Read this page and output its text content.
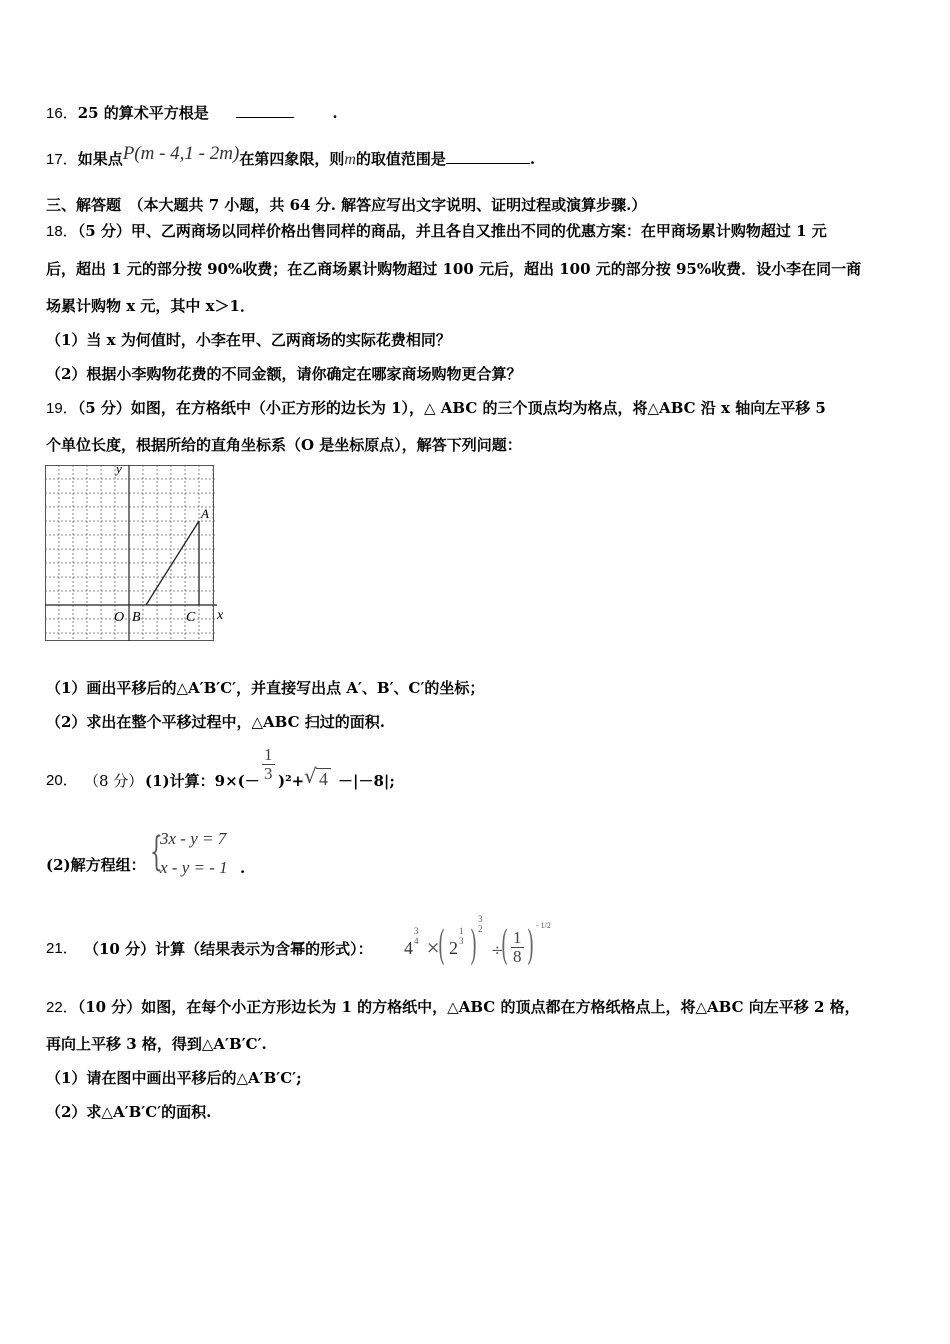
16．25 的算术平方根是	.
17．如果点P(m - 4,1 - 2m)在第四象限，则m的取值范围是	.
三、解答题　（本大题共 7 小题，共 64 分. 解答应写出文字说明、证明过程或演算步骤.）
18．（5 分）甲、乙两商场以同样价格出售同样的商品，并且各自又推出不同的优惠方案：在甲商场累计购物超过 1 元
后，超出 1 元的部分按 90%收费；在乙商场累计购物超过 100 元后，超出 100 元的部分按 95%收费．设小李在同一商
场累计购物 x 元，其中 x＞1．
（1）当 x 为何值时，小李在甲、乙两商场的实际花费相同？
（2）根据小李购物花费的不同金额，请你确定在哪家商场购物更合算？
19．（5 分）如图，在方格纸中（小正方形的边长为 1），△ ABC 的三个顶点均为格点，将△ABC 沿 x 轴向左平移 5
个单位长度，根据所给的直角坐标系（O 是坐标原点），解答下列问题：
y
x
O
A
B	C
（1）画出平移后的△A′B′C′，并直接写出点 A′、B′、C′的坐标；
（2）求出在整个平移过程中，△ABC 扫过的面积.
20． （8 分） (1)计算：$9\times(- \frac{1}{3} )^2+$ √ 4 －|－8|;
(2)解方程组： {
3x - y = 7
x - y = - 1 .
21． （10 分）计算（结果表示为含幂的形式）： 4
3
4 ×
( 2
1
3 )
3
2
÷
( $\frac{1}{8}$ ) - 1/2
22．（10 分）如图，在每个小正方形边长为 1 的方格纸中，△ABC 的顶点都在方格纸格点上，将△ABC 向左平移 2 格，
再向上平移 3 格，得到△A′B′C′.
（1）请在图中画出平移后的△A′B′C′;
（2）求△A′B′C′的面积.
